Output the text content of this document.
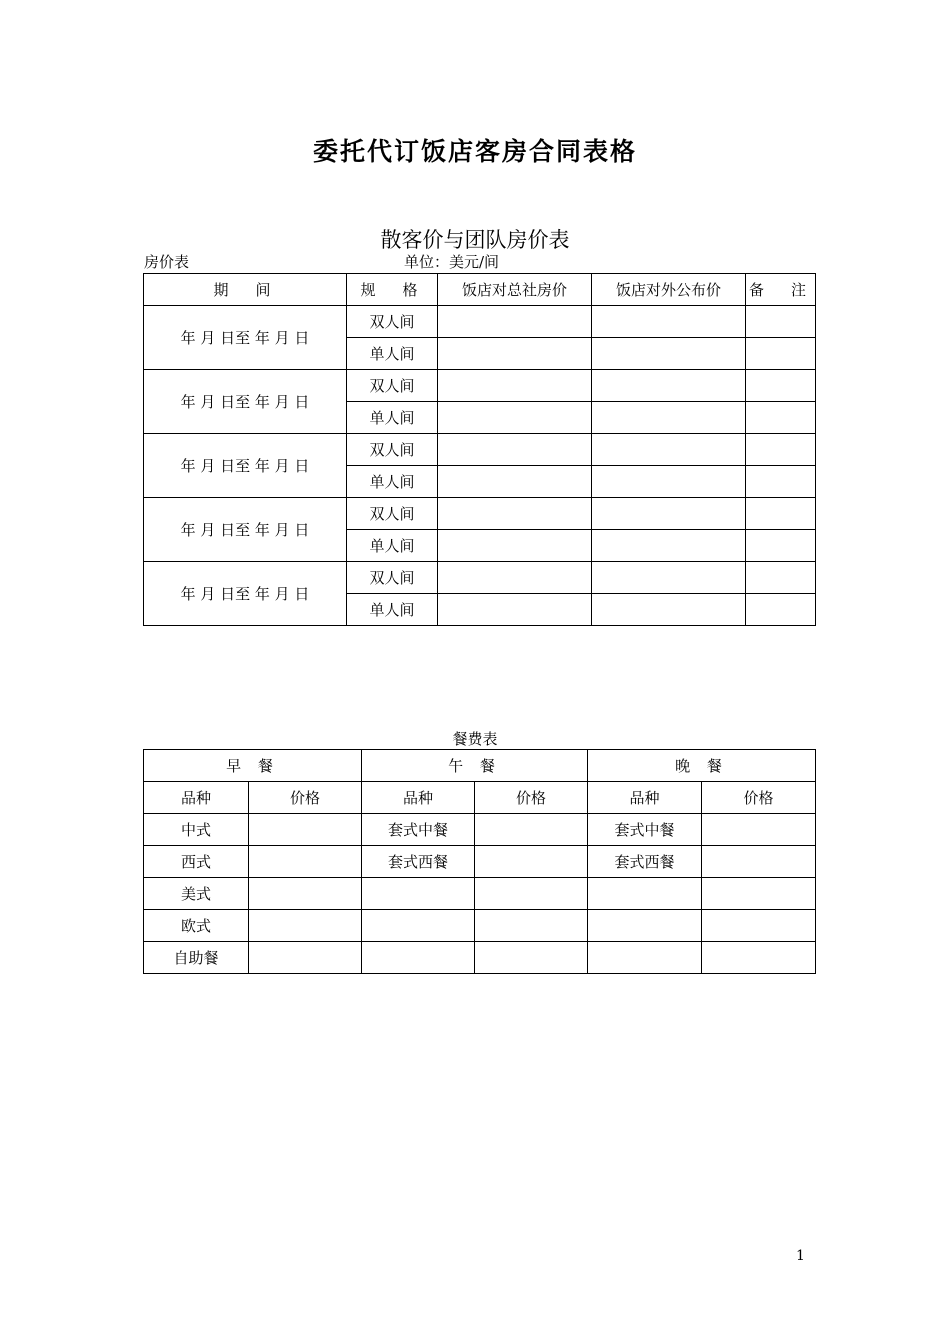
委托代订饭店客房合同表格
散客价与团队房价表
房价表	单位：美元/间
期　间	规　格	饭店对总社房价	饭店对外公布价	备　注
年 月 日至 年 月 日	双人间			
	单人间			
年 月 日至 年 月 日	双人间			
	单人间			
年 月 日至 年 月 日	双人间			
	单人间			
年 月 日至 年 月 日	双人间			
	单人间			
年 月 日至 年 月 日	双人间			
	单人间			
餐费表
早 餐		午 餐		晚 餐	
品种	价格	品种	价格	品种	价格
中式		套式中餐		套式中餐	
西式		套式西餐		套式西餐	
美式					
欧式					
自助餐					
1
